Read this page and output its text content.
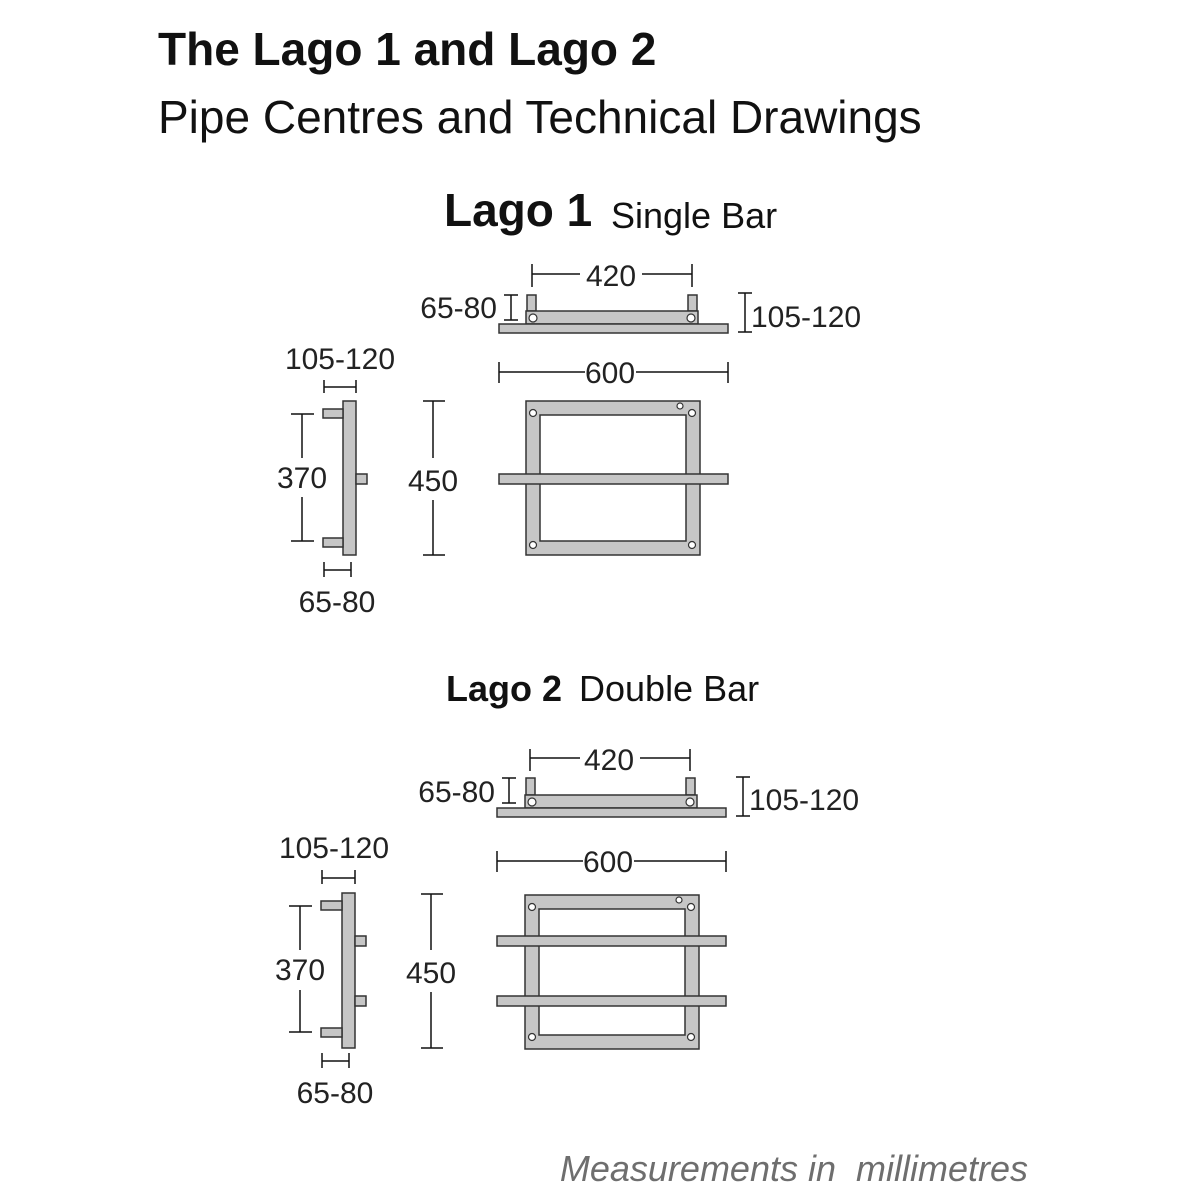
The Lago 1 and Lago 2
Pipe Centres and Technical Drawings
Lago 1 Single Bar
420
65-80	105-120
600
450
105-120
370
65-80
Lago 2 Double Bar
420
65-80	105-120
600
450
105-120
370
65-80
Measurements in  millimetres
